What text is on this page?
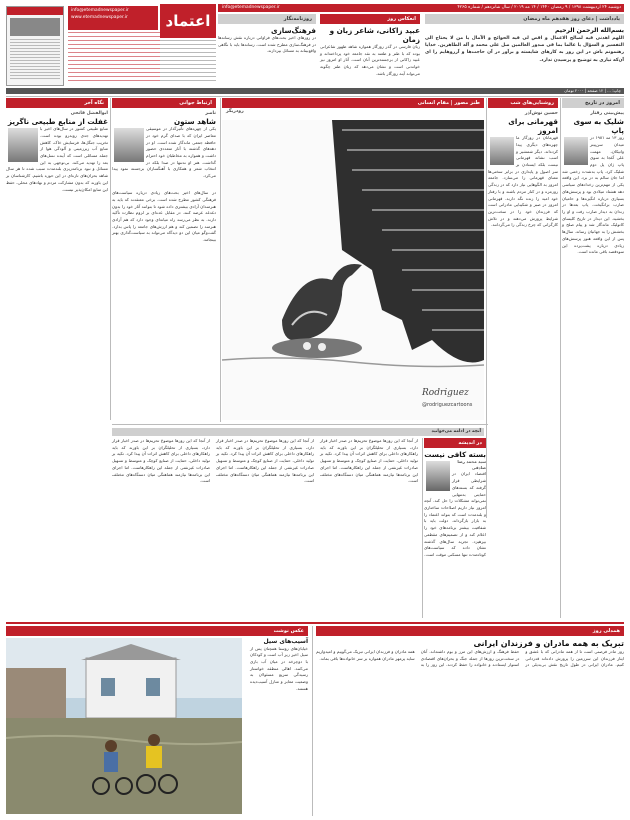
info@etemadnewspaper.ir
www.etemadnewspaper.ir	اعتماد
دوشنبه ۲۴ اردیبهشت ۱۳۹۸ / ۹ رمضان ۱۴۴۰ / ۱۴ مه ۲۰۱۹ / سال شانزدهم / شماره ۴۲۶۵
info@etemadnewspaper.ir
یادداشت | دعای روز هفدهم ماه رمضان
بسم‌الله الرحمن الرحیم
اللهم اهدنی فیه لصالح الاعمال و اقض لی فیه الحوائج و الآمال یا من لا یحتاج الی التفسیر و السؤال یا عالما بما فی صدور العالمین صل علی محمد و آله الطاهرین. خدایا رهنمونم باش در این روز به کارهای شایسته و برآور در آن حاجت‌ها و آرزوهایم را ای آن‌که نیازی به توضیح و پرسیدن ندارد.
انعکاس روز
عبید زاکانی، شاعر زبان و زمان
زبان فارسی در گذر روزگار همواره شاهد ظهور شاعرانی بوده که با طنز و طعنه به نقد جامعه خود پرداخته‌اند و عبید زاکانی از برجسته‌ترین آنان است. آثار او امروز نیز خواندنی است و نشان می‌دهد که زبان طنز چگونه می‌تواند آینه روزگار باشد.
روزنامه‌نگار
فرهنگ‌سازی
در روزهای اخیر بحث‌های فراوانی درباره نقش رسانه‌ها در فرهنگ‌سازی مطرح شده است. رسانه‌ها باید با نگاهی واقع‌بینانه به مسائل بپردازند.
چاپ: ... | ۱۲ صفحه | ۲۰۰۰ تومان
امروز در تاریخ
پیش‌بینی رفتار
شلیک به سوی پاپ
روز ۱۳ مه ۱۹۸۱ در میدان سن‌پیتر واتیکان، مهمت علی آغجا به سوی پاپ ژان پل دوم شلیک کرد. پاپ به‌شدت زخمی شد اما جان سالم به در برد. این واقعه یکی از مهم‌ترین رخدادهای سیاسی دهه هشتاد میلادی بود و پرسش‌های بسیاری درباره انگیزه‌ها و حامیان ضارب برانگیخت. پاپ بعدها در زندان به دیدار ضارب رفت و او را بخشید. این دیدار در تاریخ کلیسای کاتولیک ماندگار شد و پیام صلح و بخشش را به جهانیان رساند. سال‌ها پس از این واقعه هنوز پرسش‌های زیادی درباره پشت‌پرده این سوءقصد باقی مانده است.
روشنایی‌های شب
حسین نوش‌آذر
قهرمانی برای امروز
قهرمانان در روزگار ما چهره‌های دیگری پیدا کرده‌اند. دیگر شمشیر و اسب نشانه قهرمانی نیست بلکه ایستادن بر سر اصول و پایداری در برابر سختی‌ها معنای قهرمانی را می‌سازد. جامعه امروز به الگوهایی نیاز دارد که در زندگی روزمره و در کنار مردم باشند و با رفتار خود امید را زنده نگه دارند. قهرمانی امروز در صبر و شکیبایی مادرانی است که فرزندان خود را در سخت‌ترین شرایط پرورش می‌دهند و در تلاش کارگرانی که چرخ زندگی را می‌گردانند.
طنز مصور | مقام انسانی
رودریگز
Rodriguez
@rodriguezcartoons
ارتباط جوانی
ناصر
شاهد ستون
یکی از چهره‌های تأثیرگذار در موسیقی معاصر ایران که با صدای گرم خود در حافظه جمعی ماندگار شده است. او در دهه‌های گذشته با آثار متعددی حضور داشت و همواره به مخاطبان خود احترام گذاشت. هنر او نه‌تنها در صدا بلکه در انتخاب شعر و همکاری با آهنگسازان برجسته نمود پیدا می‌کرد.
در سال‌های اخیر بحث‌های زیادی درباره سیاست‌های فرهنگی کشور مطرح شده است. برخی معتقدند که باید به هنرمندان آزادی بیشتری داده شود تا بتوانند آثار خود را بدون دغدغه عرضه کنند. در مقابل عده‌ای بر لزوم نظارت تأکید دارند. به نظر می‌رسد راه میانه‌ای وجود دارد که هم آزادی هنرمند را تضمین کند و هم ارزش‌های جامعه را پاس بدارد. گفت‌وگو میان این دو دیدگاه می‌تواند به سیاست‌گذاری بهتر بینجامد.
نگاه آخر
ابوالفضل فاتحی
غفلت از منابع طبیعی ناگریز
منابع طبیعی کشور در سال‌های اخیر با تهدیدهای جدی روبه‌رو بوده است. تخریب جنگل‌ها، فرسایش خاک، کاهش منابع آب زیرزمینی و آلودگی هوا از جمله مسائلی است که آینده نسل‌های بعد را تهدید می‌کند. بی‌توجهی به این مسائل و نبود برنامه‌ریزی بلندمدت سبب شده تا هر سال شاهد بحران‌های تازه‌ای در این حوزه باشیم. کارشناسان بر این باورند که بدون مشارکت مردم و نهادهای محلی، حفظ این منابع امکان‌پذیر نیست.
آنچه در ادامه می‌خوانید
در اندیشه
بسته کافی نیست
سید محمد رضا صادقی
اقتصاد ایران در شرایطی قرار گرفته که بسته‌های حمایتی به‌تنهایی نمی‌تواند مشکلات را حل کند. آنچه امروز نیاز داریم اصلاحات ساختاری و بلندمدت است که بتواند اعتماد را به بازار بازگرداند. دولت باید با شفافیت بیشتر برنامه‌های خود را اعلام کند و از تصمیم‌های مقطعی بپرهیزد. تجربه سال‌های گذشته نشان داده که سیاست‌های کوتاه‌مدت تنها مسکنی موقت است.
از آنجا که این روزها موضوع تحریم‌ها در صدر اخبار قرار دارد، بسیاری از تحلیلگران بر این باورند که باید راهکارهای داخلی برای کاهش اثرات آن پیدا کرد. تکیه بر تولید داخلی، حمایت از صنایع کوچک و متوسط و تسهیل صادرات غیرنفتی از جمله این راهکارهاست. اما اجرای این برنامه‌ها نیازمند هماهنگی میان دستگاه‌های مختلف است.
از آنجا که این روزها موضوع تحریم‌ها در صدر اخبار قرار دارد، بسیاری از تحلیلگران بر این باورند که باید راهکارهای داخلی برای کاهش اثرات آن پیدا کرد. تکیه بر تولید داخلی، حمایت از صنایع کوچک و متوسط و تسهیل صادرات غیرنفتی از جمله این راهکارهاست. اما اجرای این برنامه‌ها نیازمند هماهنگی میان دستگاه‌های مختلف است.
از آنجا که این روزها موضوع تحریم‌ها در صدر اخبار قرار دارد، بسیاری از تحلیلگران بر این باورند که باید راهکارهای داخلی برای کاهش اثرات آن پیدا کرد. تکیه بر تولید داخلی، حمایت از صنایع کوچک و متوسط و تسهیل صادرات غیرنفتی از جمله این راهکارهاست. اما اجرای این برنامه‌ها نیازمند هماهنگی میان دستگاه‌های مختلف است.
همدلی روز
تبریک به همه مادران و فرزندان ایرانی
روز مادر فرصتی است تا از همه مادرانی که با عشق و ایثار فرزندان این سرزمین را پرورش داده‌اند قدردانی کنیم. مادران ایرانی در طول تاریخ نقش بی‌بدیلی در حفظ فرهنگ و ارزش‌های این مرز و بوم داشته‌اند. آنان در سخت‌ترین روزها از جمله جنگ و بحران‌های اقتصادی استوار ایستادند و خانواده را حفظ کردند. این روز را به همه مادران و فرزندان ایرانی تبریک می‌گوییم و امیدواریم سایه پرمهر مادران همواره بر سر خانواده‌ها باقی بماند.
عکس نوشت
آسیب‌های سیل
خیابان‌های روستا همچنان پس از سیل اخیر زیر آب است و کودکان با دوچرخه در میان آب بازی می‌کنند. اهالی منطقه خواستار رسیدگی سریع مسئولان به وضعیت معابر و منازل آسیب‌دیده هستند.
